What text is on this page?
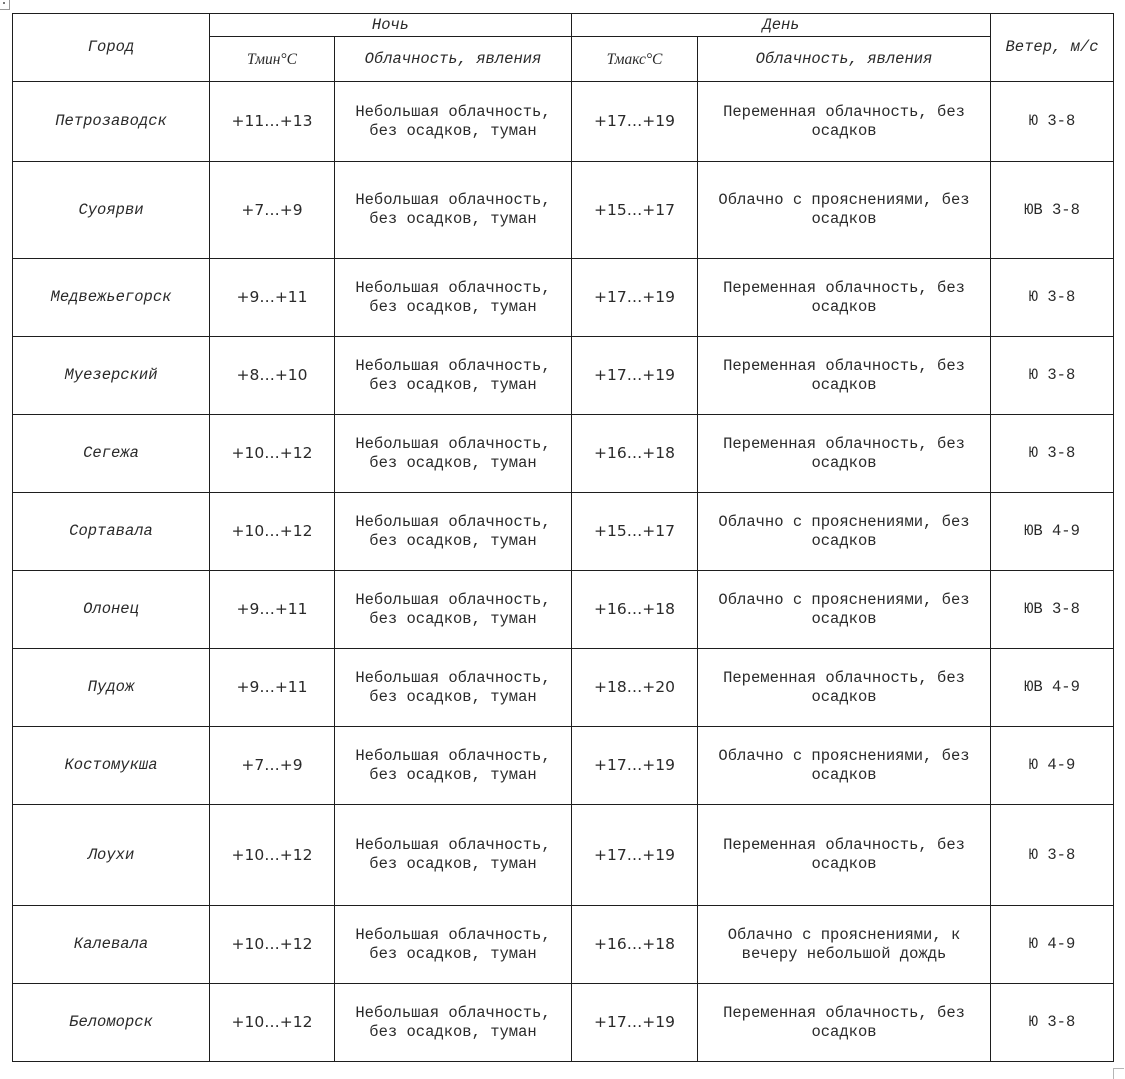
Город	Ночь		День		Ветер, м/с
	Тмин°С	Облачность, явления	Тмакс°С	Облачность, явления	
Петрозаводск	+11…+13	Небольшая облачность, без осадков, туман	+17…+19	Переменная облачность, без осадков	Ю 3-8
Суоярви	+7…+9	Небольшая облачность, без осадков, туман	+15…+17	Облачно с прояснениями, без осадков	ЮВ 3-8
Медвежьегорск	+9…+11	Небольшая облачность, без осадков, туман	+17…+19	Переменная облачность, без осадков	Ю 3-8
Муезерский	+8…+10	Небольшая облачность, без осадков, туман	+17…+19	Переменная облачность, без осадков	Ю 3-8
Сегежа	+10…+12	Небольшая облачность, без осадков, туман	+16…+18	Переменная облачность, без осадков	Ю 3-8
Сортавала	+10…+12	Небольшая облачность, без осадков, туман	+15…+17	Облачно с прояснениями, без осадков	ЮВ 4-9
Олонец	+9…+11	Небольшая облачность, без осадков, туман	+16…+18	Облачно с прояснениями, без осадков	ЮВ 3-8
Пудож	+9…+11	Небольшая облачность, без осадков, туман	+18…+20	Переменная облачность, без осадков	ЮВ 4-9
Костомукша	+7…+9	Небольшая облачность, без осадков, туман	+17…+19	Облачно с прояснениями, без осадков	Ю 4-9
Лоухи	+10…+12	Небольшая облачность, без осадков, туман	+17…+19	Переменная облачность, без осадков	Ю 3-8
Калевала	+10…+12	Небольшая облачность, без осадков, туман	+16…+18	Облачно с прояснениями, к вечеру небольшой дождь	Ю 4-9
Беломорск	+10…+12	Небольшая облачность, без осадков, туман	+17…+19	Переменная облачность, без осадков	Ю 3-8
